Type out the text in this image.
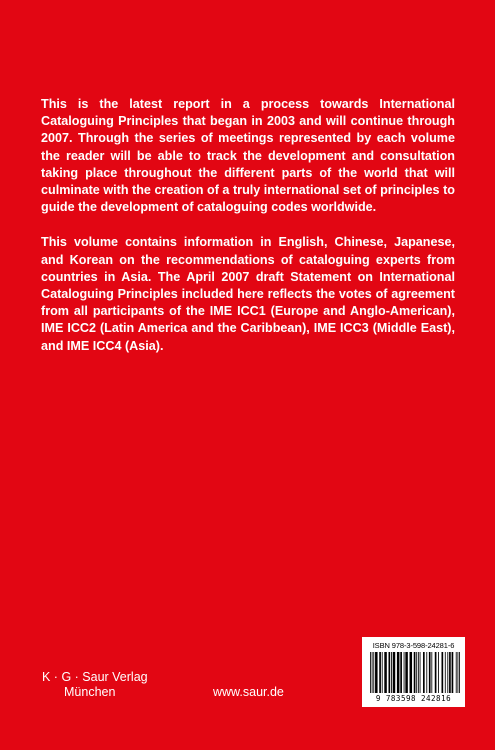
This is the latest report in a process towards International Cataloguing Principles that began in 2003 and will continue through 2007. Through the series of meetings represented by each volume the reader will be able to track the development and consultation taking place throughout the different parts of the world that will culminate with the creation of a truly international set of principles to guide the development of cataloguing codes worldwide.

This volume contains information in English, Chinese, Japanese, and Korean on the recommendations of cataloguing experts from countries in Asia. The April 2007 draft Statement on International Cataloguing Principles included here reflects the votes of agreement from all participants of the IME ICC1 (Europe and Anglo-American), IME ICC2 (Latin America and the Caribbean), IME ICC3 (Middle East), and IME ICC4 (Asia).

K · G · Saur Verlag
München	www.saur.de
ISBN 978-3-598-24281-6
9 783598 242816
